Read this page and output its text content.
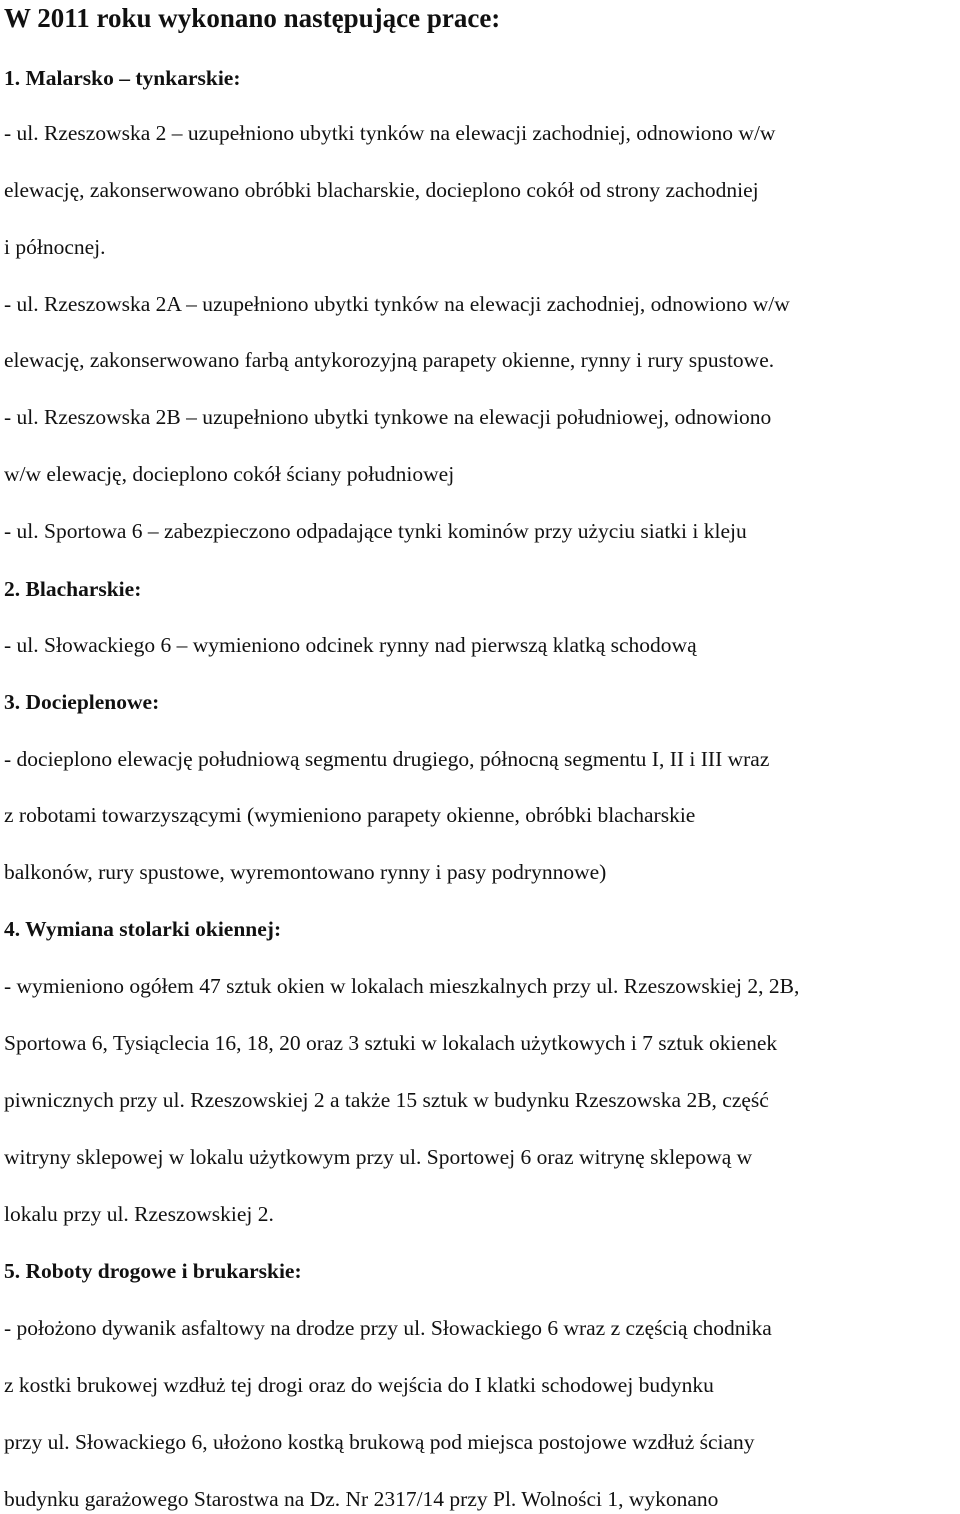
W 2011 roku wykonano następujące prace:
1. Malarsko – tynkarskie:
- ul. Rzeszowska 2 – uzupełniono ubytki tynków na elewacji zachodniej, odnowiono w/w
elewację, zakonserwowano obróbki blacharskie, docieplono cokół od strony zachodniej
i północnej.
- ul. Rzeszowska 2A – uzupełniono ubytki tynków na elewacji zachodniej, odnowiono w/w
elewację, zakonserwowano farbą antykorozyjną parapety okienne, rynny i rury spustowe.
- ul. Rzeszowska 2B – uzupełniono ubytki tynkowe na elewacji południowej, odnowiono
w/w elewację, docieplono cokół ściany południowej
- ul. Sportowa 6 – zabezpieczono odpadające tynki kominów przy użyciu siatki i kleju
2. Blacharskie:
- ul. Słowackiego 6 – wymieniono odcinek rynny nad pierwszą klatką schodową
3. Docieplenowe:
- docieplono elewację południową segmentu drugiego, północną segmentu I, II i III wraz
z robotami towarzyszącymi (wymieniono parapety okienne, obróbki blacharskie
balkonów, rury spustowe, wyremontowano rynny i pasy podrynnowe)
4. Wymiana stolarki okiennej:
- wymieniono ogółem 47 sztuk okien w lokalach mieszkalnych przy ul. Rzeszowskiej 2, 2B,
Sportowa 6, Tysiąclecia 16, 18, 20 oraz 3 sztuki w lokalach użytkowych i 7 sztuk okienek
piwnicznych przy ul. Rzeszowskiej 2 a także 15 sztuk w budynku Rzeszowska 2B, część
witryny sklepowej w lokalu użytkowym przy ul. Sportowej 6 oraz witrynę sklepową w
lokalu przy ul. Rzeszowskiej 2.
5. Roboty drogowe i brukarskie:
- położono dywanik asfaltowy na drodze przy ul. Słowackiego 6 wraz z częścią chodnika
z kostki brukowej wzdłuż tej drogi oraz do wejścia do I klatki schodowej budynku
przy ul. Słowackiego 6, ułożono kostką brukową pod miejsca postojowe wzdłuż ściany
budynku garażowego Starostwa na Dz. Nr 2317/14 przy Pl. Wolności 1, wykonano
